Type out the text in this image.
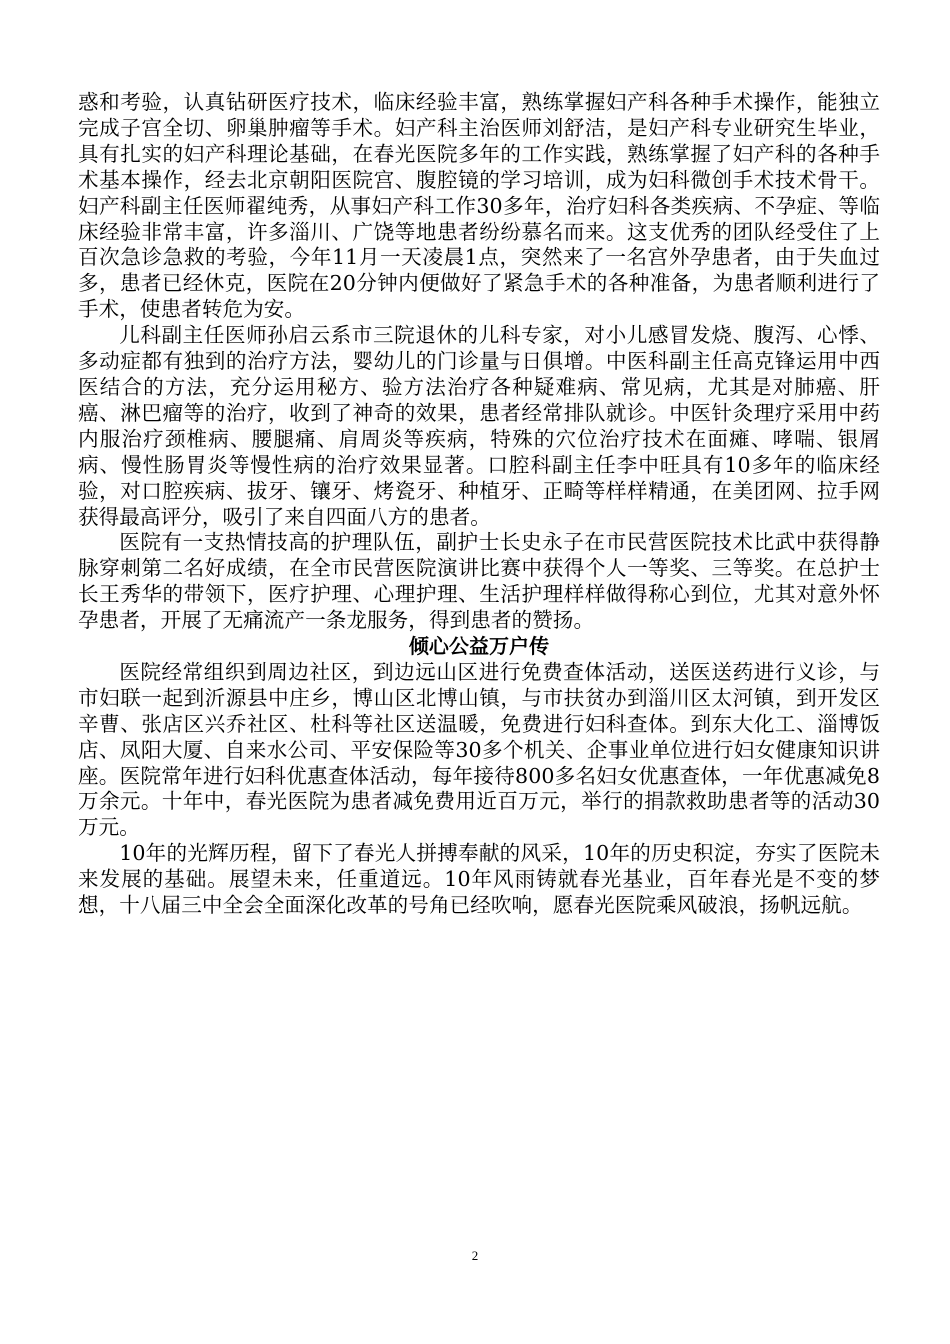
惑和考验，认真钻研医疗技术，临床经验丰富，熟练掌握妇产科各种手术操作，能独立完成子宫全切、卵巢肿瘤等手术。妇产科主治医师刘舒洁，是妇产科专业研究生毕业，具有扎实的妇产科理论基础，在春光医院多年的工作实践，熟练掌握了妇产科的各种手术基本操作，经去北京朝阳医院宫、腹腔镜的学习培训，成为妇科微创手术技术骨干。妇产科副主任医师翟纯秀，从事妇产科工作30多年，治疗妇科各类疾病、不孕症、等临床经验非常丰富，许多淄川、广饶等地患者纷纷慕名而来。这支优秀的团队经受住了上百次急诊急救的考验，今年11月一天凌晨1点，突然来了一名宫外孕患者，由于失血过多，患者已经休克，医院在20分钟内便做好了紧急手术的各种准备，为患者顺利进行了手术，使患者转危为安。

儿科副主任医师孙启云系市三院退休的儿科专家，对小儿感冒发烧、腹泻、心悸、多动症都有独到的治疗方法，婴幼儿的门诊量与日俱增。中医科副主任高克锋运用中西医结合的方法，充分运用秘方、验方法治疗各种疑难病、常见病，尤其是对肺癌、肝癌、淋巴瘤等的治疗，收到了神奇的效果，患者经常排队就诊。中医针灸理疗采用中药内服治疗颈椎病、腰腿痛、肩周炎等疾病，特殊的穴位治疗技术在面瘫、哮喘、银屑病、慢性肠胃炎等慢性病的治疗效果显著。口腔科副主任李中旺具有10多年的临床经验，对口腔疾病、拔牙、镶牙、烤瓷牙、种植牙、正畸等样样精通，在美团网、拉手网获得最高评分，吸引了来自四面八方的患者。

医院有一支热情技高的护理队伍，副护士长史永子在市民营医院技术比武中获得静脉穿刺第二名好成绩，在全市民营医院演讲比赛中获得个人一等奖、三等奖。在总护士长王秀华的带领下，医疗护理、心理护理、生活护理样样做得称心到位，尤其对意外怀孕患者，开展了无痛流产一条龙服务，得到患者的赞扬。

倾心公益万户传

医院经常组织到周边社区，到边远山区进行免费查体活动，送医送药进行义诊，与市妇联一起到沂源县中庄乡，博山区北博山镇，与市扶贫办到淄川区太河镇，到开发区辛曹、张店区兴乔社区、杜科等社区送温暖，免费进行妇科查体。到东大化工、淄博饭店、凤阳大厦、自来水公司、平安保险等30多个机关、企事业单位进行妇女健康知识讲座。医院常年进行妇科优惠查体活动，每年接待800多名妇女优惠查体，一年优惠减免8万余元。十年中，春光医院为患者减免费用近百万元，举行的捐款救助患者等的活动30万元。

10年的光辉历程，留下了春光人拼搏奉献的风采，10年的历史积淀，夯实了医院未来发展的基础。展望未来，任重道远。10年风雨铸就春光基业，百年春光是不变的梦想，十八届三中全会全面深化改革的号角已经吹响，愿春光医院乘风破浪，扬帆远航。

2
